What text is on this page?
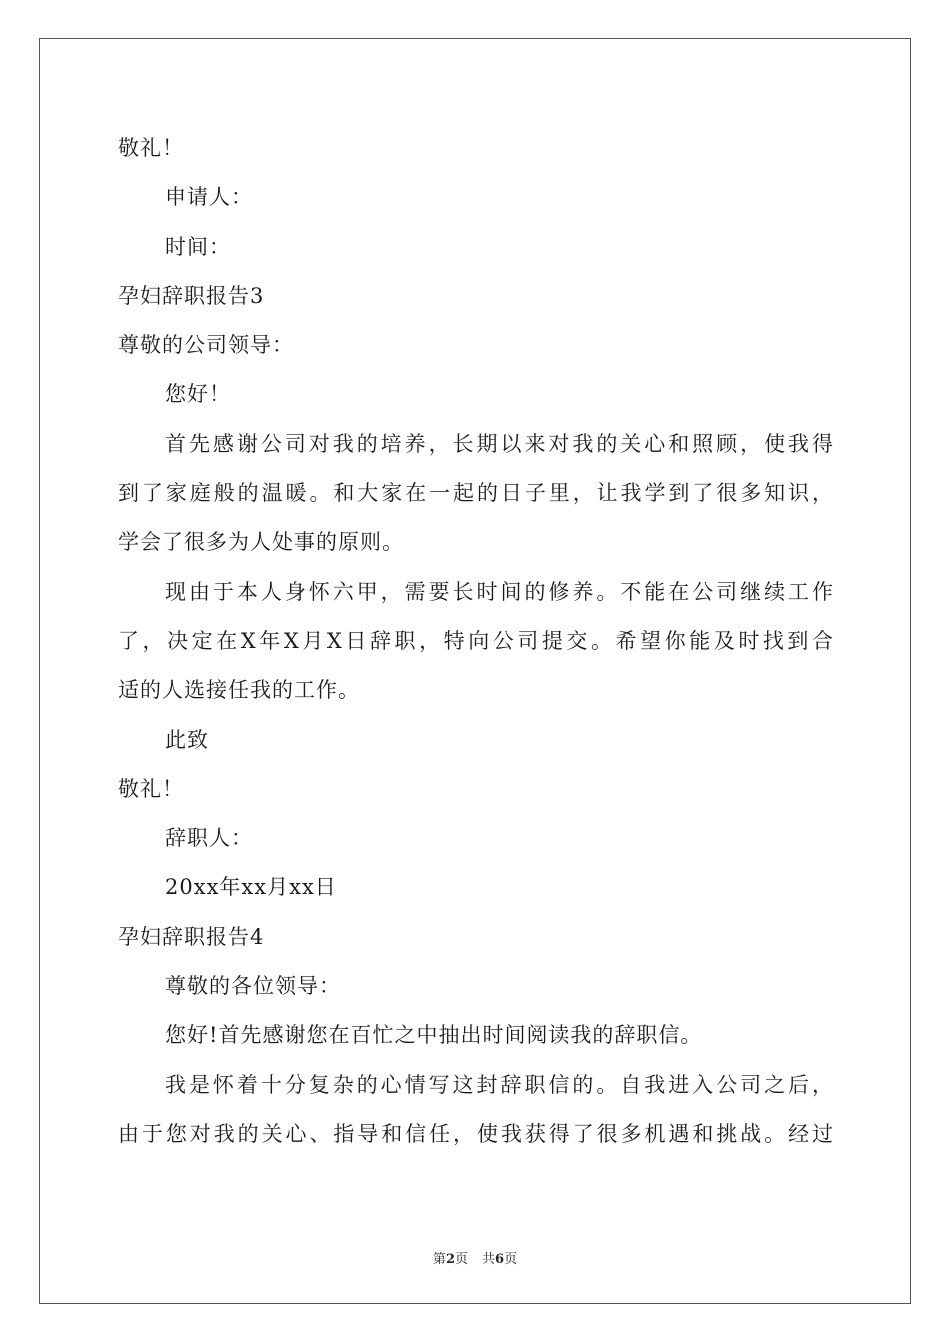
敬礼！
申请人：
时间：
孕妇辞职报告3
尊敬的公司领导：
您好！
首先感谢公司对我的培养，长期以来对我的关心和照顾，使我得
到了家庭般的温暖。和大家在一起的日子里，让我学到了很多知识，
学会了很多为人处事的原则。
现由于本人身怀六甲，需要长时间的修养。不能在公司继续工作
了，决定在X年X月X日辞职，特向公司提交。希望你能及时找到合
适的人选接任我的工作。
此致
敬礼！
辞职人：
20xx年xx月xx日
孕妇辞职报告4
尊敬的各位领导：
您好!首先感谢您在百忙之中抽出时间阅读我的辞职信。
我是怀着十分复杂的心情写这封辞职信的。自我进入公司之后，
由于您对我的关心、指导和信任，使我获得了很多机遇和挑战。经过
第2页 共6页
